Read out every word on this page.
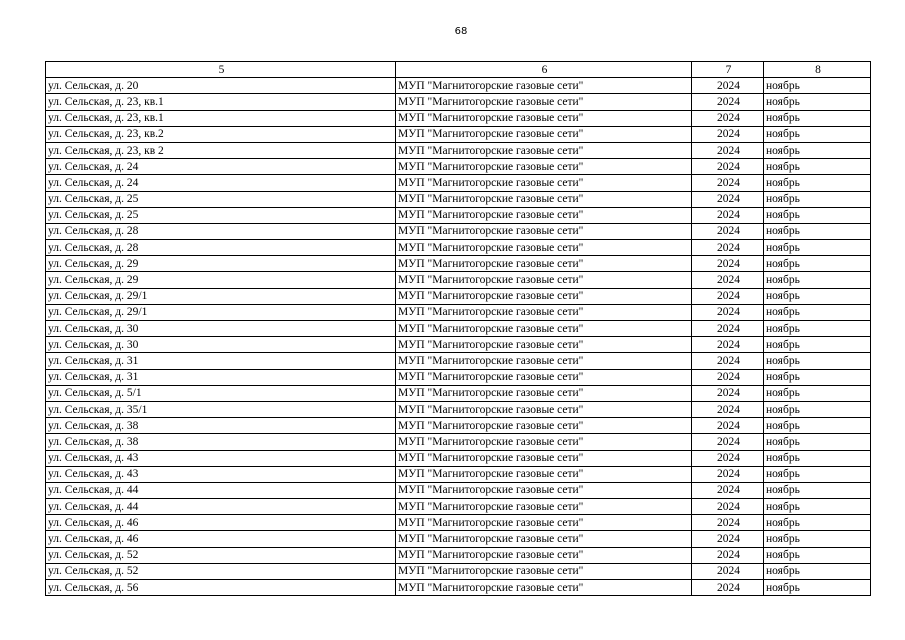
68
5	6	7	8
ул. Сельская, д. 20	МУП "Магнитогорские газовые сети"	2024	ноябрь
ул. Сельская, д. 23, кв.1	МУП "Магнитогорские газовые сети"	2024	ноябрь
ул. Сельская, д. 23, кв.1	МУП "Магнитогорские газовые сети"	2024	ноябрь
ул. Сельская, д. 23, кв.2	МУП "Магнитогорские газовые сети"	2024	ноябрь
ул. Сельская, д. 23, кв 2	МУП "Магнитогорские газовые сети"	2024	ноябрь
ул. Сельская, д. 24	МУП "Магнитогорские газовые сети"	2024	ноябрь
ул. Сельская, д. 24	МУП "Магнитогорские газовые сети"	2024	ноябрь
ул. Сельская, д. 25	МУП "Магнитогорские газовые сети"	2024	ноябрь
ул. Сельская, д. 25	МУП "Магнитогорские газовые сети"	2024	ноябрь
ул. Сельская, д. 28	МУП "Магнитогорские газовые сети"	2024	ноябрь
ул. Сельская, д. 28	МУП "Магнитогорские газовые сети"	2024	ноябрь
ул. Сельская, д. 29	МУП "Магнитогорские газовые сети"	2024	ноябрь
ул. Сельская, д. 29	МУП "Магнитогорские газовые сети"	2024	ноябрь
ул. Сельская, д. 29/1	МУП "Магнитогорские газовые сети"	2024	ноябрь
ул. Сельская, д. 29/1	МУП "Магнитогорские газовые сети"	2024	ноябрь
ул. Сельская, д. 30	МУП "Магнитогорские газовые сети"	2024	ноябрь
ул. Сельская, д. 30	МУП "Магнитогорские газовые сети"	2024	ноябрь
ул. Сельская, д. 31	МУП "Магнитогорские газовые сети"	2024	ноябрь
ул. Сельская, д. 31	МУП "Магнитогорские газовые сети"	2024	ноябрь
ул. Сельская, д. 5/1	МУП "Магнитогорские газовые сети"	2024	ноябрь
ул. Сельская, д. 35/1	МУП "Магнитогорские газовые сети"	2024	ноябрь
ул. Сельская, д. 38	МУП "Магнитогорские газовые сети"	2024	ноябрь
ул. Сельская, д. 38	МУП "Магнитогорские газовые сети"	2024	ноябрь
ул. Сельская, д. 43	МУП "Магнитогорские газовые сети"	2024	ноябрь
ул. Сельская, д. 43	МУП "Магнитогорские газовые сети"	2024	ноябрь
ул. Сельская, д. 44	МУП "Магнитогорские газовые сети"	2024	ноябрь
ул. Сельская, д. 44	МУП "Магнитогорские газовые сети"	2024	ноябрь
ул. Сельская, д. 46	МУП "Магнитогорские газовые сети"	2024	ноябрь
ул. Сельская, д. 46	МУП "Магнитогорские газовые сети"	2024	ноябрь
ул. Сельская, д. 52	МУП "Магнитогорские газовые сети"	2024	ноябрь
ул. Сельская, д. 52	МУП "Магнитогорские газовые сети"	2024	ноябрь
ул. Сельская, д. 56	МУП "Магнитогорские газовые сети"	2024	ноябрь
